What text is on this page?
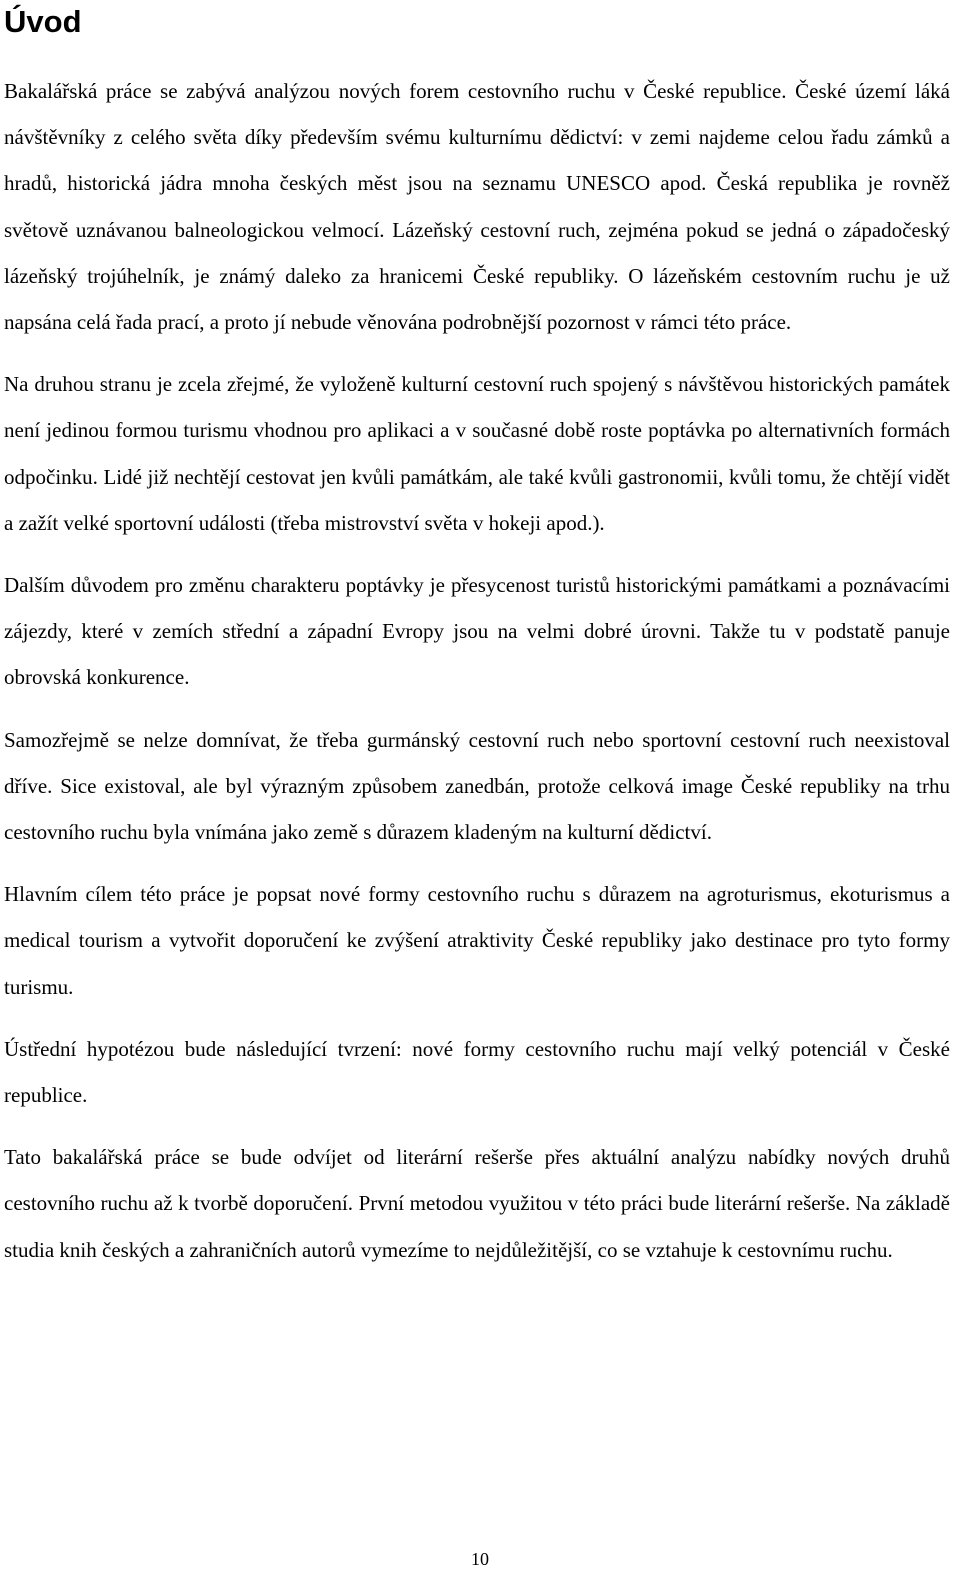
Úvod

Bakalářská práce se zabývá analýzou nových forem cestovního ruchu v České republice. České území láká návštěvníky z celého světa díky především svému kulturnímu dědictví: v zemi najdeme celou řadu zámků a hradů, historická jádra mnoha českých měst jsou na seznamu UNESCO apod. Česká republika je rovněž světově uznávanou balneologickou velmocí. Lázeňský cestovní ruch, zejména pokud se jedná o západočeský lázeňský trojúhelník, je známý daleko za hranicemi České republiky. O lázeňském cestovním ruchu je už napsána celá řada prací, a proto jí nebude věnována podrobnější pozornost v rámci této práce.

Na druhou stranu je zcela zřejmé, že vyloženě kulturní cestovní ruch spojený s návštěvou historických památek není jedinou formou turismu vhodnou pro aplikaci a v současné době roste poptávka po alternativních formách odpočinku. Lidé již nechtějí cestovat jen kvůli památkám, ale také kvůli gastronomii, kvůli tomu, že chtějí vidět a zažít velké sportovní události (třeba mistrovství světa v hokeji apod.).

Dalším důvodem pro změnu charakteru poptávky je přesycenost turistů historickými památkami a poznávacími zájezdy, které v zemích střední a západní Evropy jsou na velmi dobré úrovni. Takže tu v podstatě panuje obrovská konkurence.

Samozřejmě se nelze domnívat, že třeba gurmánský cestovní ruch nebo sportovní cestovní ruch neexistoval dříve. Sice existoval, ale byl výrazným způsobem zanedbán, protože celková image České republiky na trhu cestovního ruchu byla vnímána jako země s důrazem kladeným na kulturní dědictví.

Hlavním cílem této práce je popsat nové formy cestovního ruchu s důrazem na agroturismus, ekoturismus a medical tourism a vytvořit doporučení ke zvýšení atraktivity České republiky jako destinace pro tyto formy turismu.

Ústřední hypotézou bude následující tvrzení: nové formy cestovního ruchu mají velký potenciál v České republice.

Tato bakalářská práce se bude odvíjet od literární rešerše přes aktuální analýzu nabídky nových druhů cestovního ruchu až k tvorbě doporučení. První metodou využitou v této práci bude literární rešerše. Na základě studia knih českých a zahraničních autorů vymezíme to nejdůležitější, co se vztahuje k cestovnímu ruchu.

10
